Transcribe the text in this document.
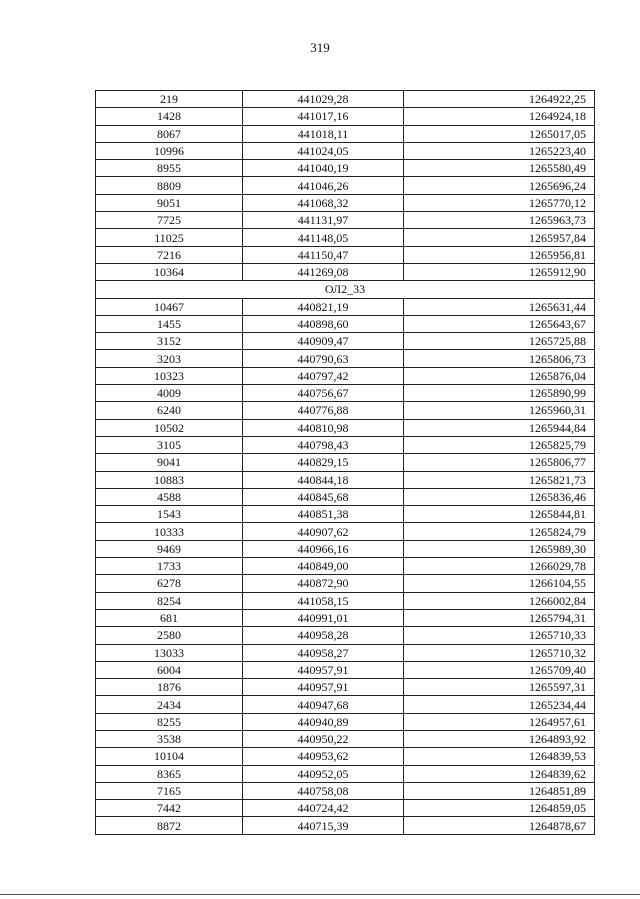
319
219	441029,28	1264922,25
1428	441017,16	1264924,18
8067	441018,11	1265017,05
10996	441024,05	1265223,40
8955	441040,19	1265580,49
8809	441046,26	1265696,24
9051	441068,32	1265770,12
7725	441131,97	1265963,73
11025	441148,05	1265957,84
7216	441150,47	1265956,81
10364	441269,08	1265912,90
ОЛ2_33		
10467	440821,19	1265631,44
1455	440898,60	1265643,67
3152	440909,47	1265725,88
3203	440790,63	1265806,73
10323	440797,42	1265876,04
4009	440756,67	1265890,99
6240	440776,88	1265960,31
10502	440810,98	1265944,84
3105	440798,43	1265825,79
9041	440829,15	1265806,77
10883	440844,18	1265821,73
4588	440845,68	1265836,46
1543	440851,38	1265844,81
10333	440907,62	1265824,79
9469	440966,16	1265989,30
1733	440849,00	1266029,78
6278	440872,90	1266104,55
8254	441058,15	1266002,84
681	440991,01	1265794,31
2580	440958,28	1265710,33
13033	440958,27	1265710,32
6004	440957,91	1265709,40
1876	440957,91	1265597,31
2434	440947,68	1265234,44
8255	440940,89	1264957,61
3538	440950,22	1264893,92
10104	440953,62	1264839,53
8365	440952,05	1264839,62
7165	440758,08	1264851,89
7442	440724,42	1264859,05
8872	440715,39	1264878,67
